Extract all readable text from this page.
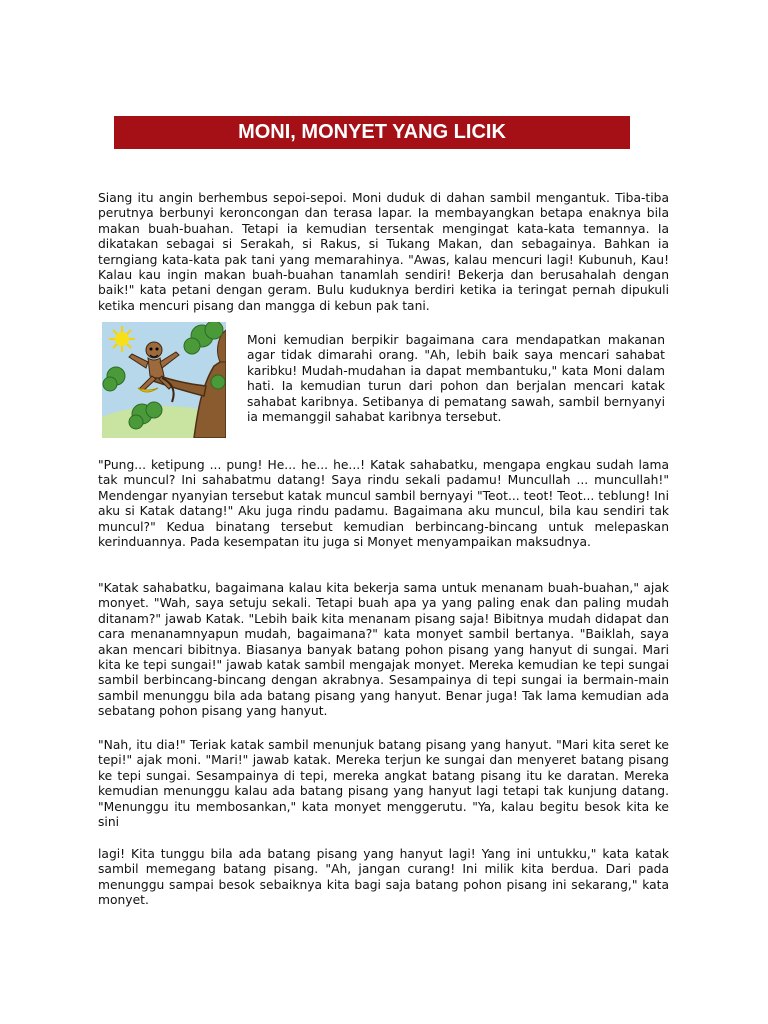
MONI, MONYET YANG LICIK

Siang itu angin berhembus sepoi-sepoi. Moni duduk di dahan sambil mengantuk. Tiba-tiba perutnya berbunyi keroncongan dan terasa lapar. Ia membayangkan betapa enaknya bila makan buah-buahan. Tetapi ia kemudian tersentak mengingat kata-kata temannya. Ia dikatakan sebagai si Serakah, si Rakus, si Tukang Makan, dan sebagainya. Bahkan ia terngiang kata-kata pak tani yang memarahinya. "Awas, kalau mencuri lagi! Kubunuh, Kau! Kalau kau ingin makan buah-buahan tanamlah sendiri! Bekerja dan berusahalah dengan baik!" kata petani dengan geram. Bulu kuduknya berdiri ketika ia teringat pernah dipukuli ketika mencuri pisang dan mangga di kebun pak tani.

Moni kemudian berpikir bagaimana cara mendapatkan makanan agar tidak dimarahi orang. "Ah, lebih baik saya mencari sahabat karibku! Mudah-mudahan ia dapat membantuku," kata Moni dalam hati. Ia kemudian turun dari pohon dan berjalan mencari katak sahabat karibnya. Setibanya di pematang sawah, sambil bernyanyi ia memanggil sahabat karibnya tersebut.

"Pung... ketipung ... pung! He... he... he...! Katak sahabatku, mengapa engkau sudah lama tak muncul? Ini sahabatmu datang! Saya rindu sekali padamu! Muncullah ... muncullah!" Mendengar nyanyian tersebut katak muncul sambil bernyayi "Teot... teot! Teot... teblung! Ini aku si Katak datang!" Aku juga rindu padamu. Bagaimana aku muncul, bila kau sendiri tak muncul?" Kedua binatang tersebut kemudian berbincang-bincang untuk melepaskan kerinduannya. Pada kesempatan itu juga si Monyet menyampaikan maksudnya.

"Katak sahabatku, bagaimana kalau kita bekerja sama untuk menanam buah-buahan," ajak monyet. "Wah, saya setuju sekali. Tetapi buah apa ya yang paling enak dan paling mudah ditanam?" jawab Katak. "Lebih baik kita menanam pisang saja! Bibitnya mudah didapat dan cara menanamnyapun mudah, bagaimana?" kata monyet sambil bertanya. "Baiklah, saya akan mencari bibitnya. Biasanya banyak batang pohon pisang yang hanyut di sungai. Mari kita ke tepi sungai!" jawab katak sambil mengajak monyet. Mereka kemudian ke tepi sungai sambil berbincang-bincang dengan akrabnya. Sesampainya di tepi sungai ia bermain-main sambil menunggu bila ada batang pisang yang hanyut. Benar juga! Tak lama kemudian ada sebatang pohon pisang yang hanyut.

"Nah, itu dia!" Teriak katak sambil menunjuk batang pisang yang hanyut. "Mari kita seret ke tepi!" ajak moni. "Mari!" jawab katak. Mereka terjun ke sungai dan menyeret batang pisang ke tepi sungai. Sesampainya di tepi, mereka angkat batang pisang itu ke daratan. Mereka kemudian menunggu kalau ada batang pisang yang hanyut lagi tetapi tak kunjung datang. "Menunggu itu membosankan," kata monyet menggerutu. "Ya, kalau begitu besok kita ke sini

lagi! Kita tunggu bila ada batang pisang yang hanyut lagi! Yang ini untukku," kata katak sambil memegang batang pisang. "Ah, jangan curang! Ini milik kita berdua. Dari pada menunggu sampai besok sebaiknya kita bagi saja batang pohon pisang ini sekarang," kata monyet.
